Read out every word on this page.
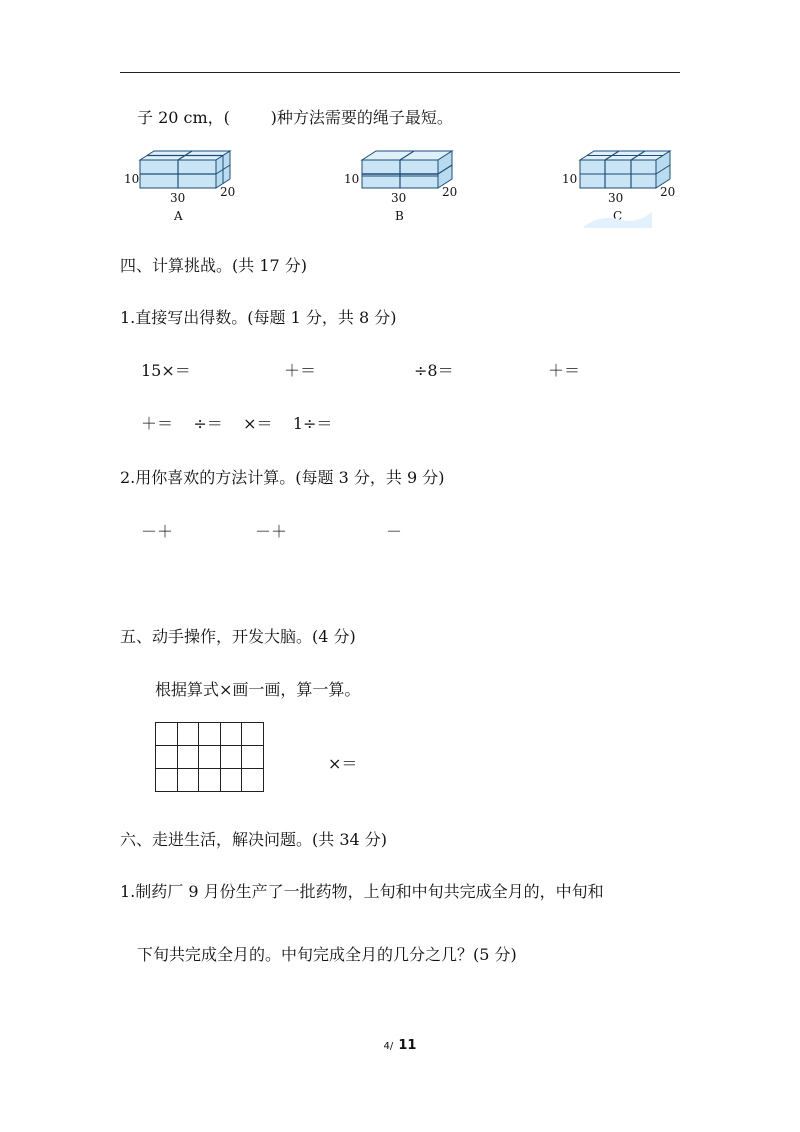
子 20 cm，(        )种方法需要的绳子最短。
10
30	20
A
10
30	20
B
10
30	20
C
四、计算挑战。(共 17 分)
1.直接写出得数。(每题 1 分，共 8 分)
15×＝	＋＝	÷8＝	＋＝
＋＝    ÷＝    ×＝    1÷＝
2.用你喜欢的方法计算。(每题 3 分，共 9 分)
－＋	－＋	－
五、动手操作，开发大脑。(4 分)
根据算式×画一画，算一算。

×＝
六、走进生活，解决问题。(共 34 分)
1.制药厂 9 月份生产了一批药物，上旬和中旬共完成全月的，中旬和
下旬共完成全月的。中旬完成全月的几分之几？(5 分)
4/ 11
